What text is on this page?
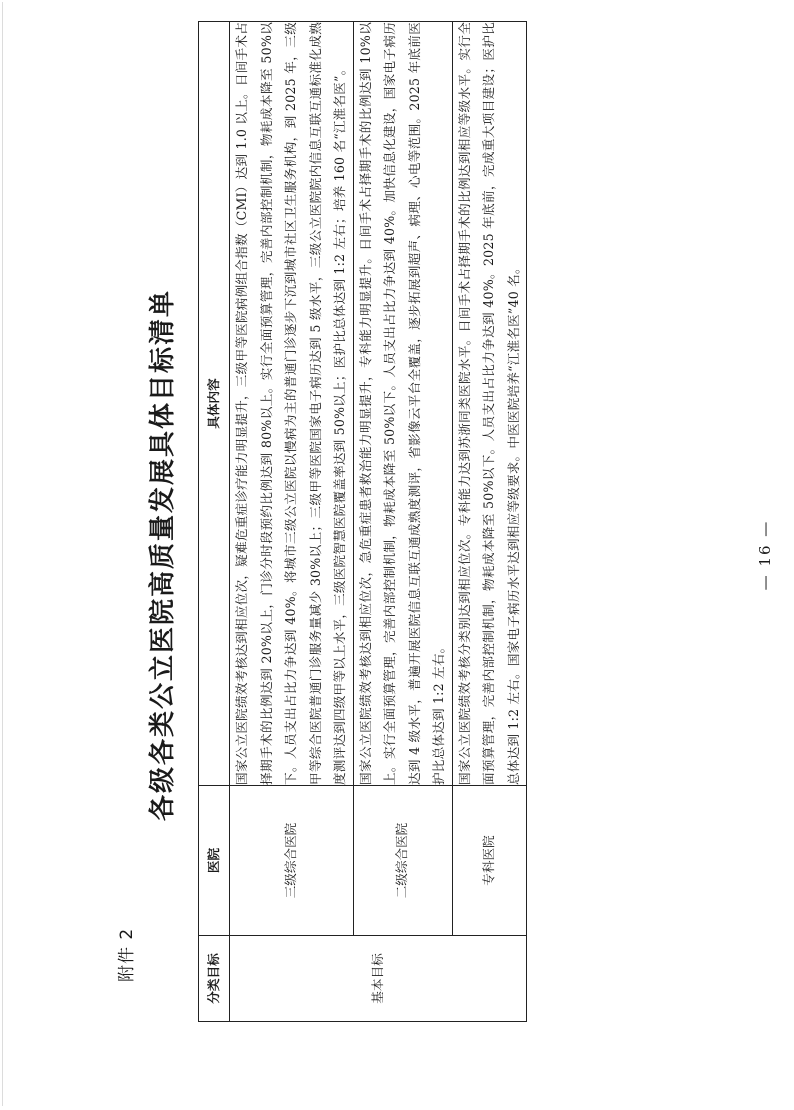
附件 2
各级各类公立医院高质量发展具体目标清单
分类目标	医院	具体内容
基本目标	三级综合医院	国家公立医院绩效考核达到相应位次，疑难危重症诊疗能力明显提升，三级甲等医院病例组合指数（CMI）达到 1.0 以上。日间手术占择期手术的比例达到 20%以上，门诊分时段预约比例达到 80%以上。实行全面预算管理，完善内部控制机制，物耗成本降至 50%以下。人员支出占比力争达到 40%。将城市三级公立医院以慢病为主的普通门诊逐步下沉到城市社区卫生服务机构，到 2025 年，三级甲等综合医院普通门诊服务量减少 30%以上；三级甲等医院国家电子病历达到 5 级水平，三级公立医院院内信息互联互通标准化成熟度测评达到四级甲等以上水平，三级医院智慧医院覆盖率达到 50%以上；医护比总体达到 1:2 左右；培养 160 名“江淮名医”。
	二级综合医院	国家公立医院绩效考核达到相应位次，急危重症患者救治能力明显提升，专科能力明显提升。日间手术占择期手术的比例达到 10%以上。实行全面预算管理，完善内部控制机制，物耗成本降至 50%以下。人员支出占比力争达到 40%。加快信息化建设，国家电子病历达到 4 级水平，普遍开展医院信息互联互通成熟度测评，省影像云平台全覆盖，逐步拓展到超声、病理、心电等范围。2025 年底前医护比总体达到 1:2 左右。
	专科医院	国家公立医院绩效考核分类别达到相应位次。专科能力达到苏浙同类医院水平。日间手术占择期手术的比例达到相应等级水平。实行全面预算管理，完善内部控制机制，物耗成本降至 50%以下。人员支出占比力争达到 40%。2025 年底前，完成重大项目建设；医护比总体达到 1:2 左右。国家电子病历水平达到相应等级要求。中医医院培养“江淮名医”40 名。	— 16 —
